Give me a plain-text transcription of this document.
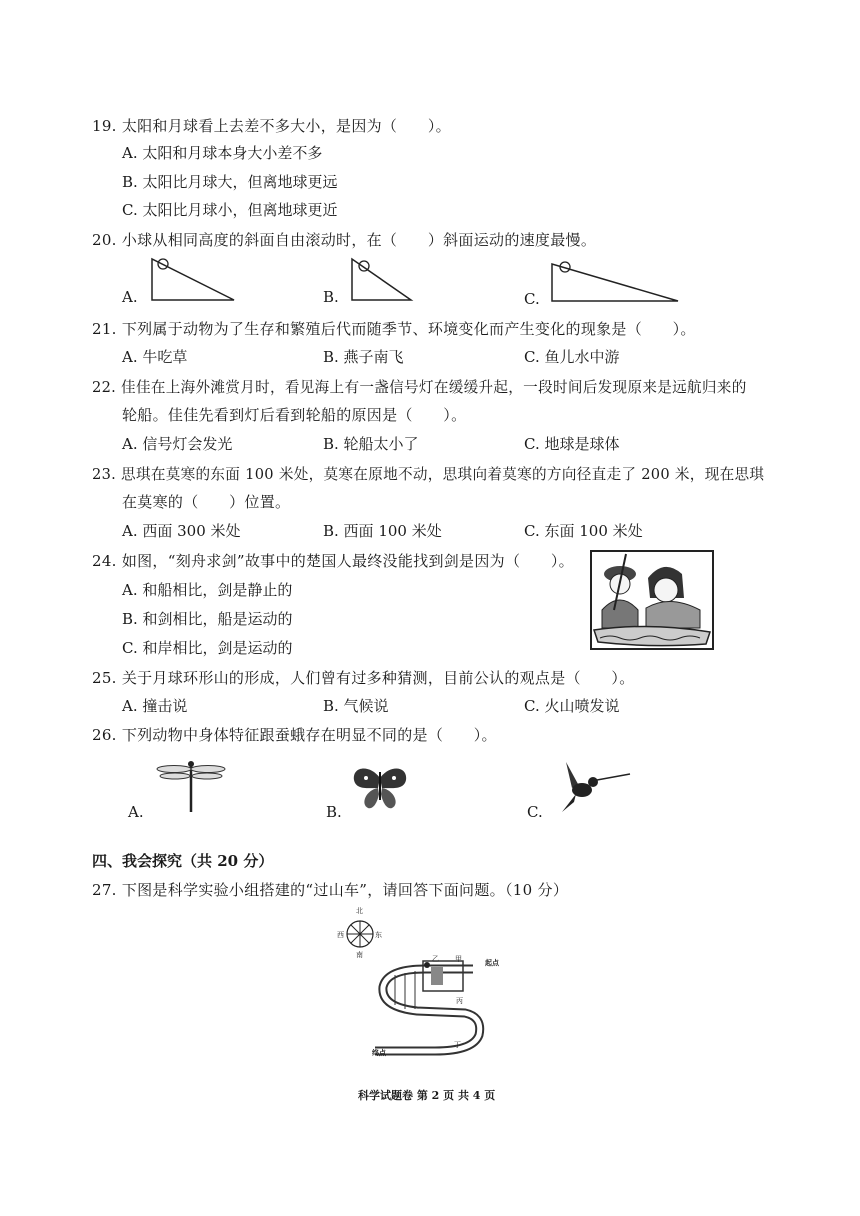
19. 太阳和月球看上去差不多大小，是因为（　　）。
A. 太阳和月球本身大小差不多
B. 太阳比月球大，但离地球更远
C. 太阳比月球小，但离地球更近
20. 小球从相同高度的斜面自由滚动时，在（　　）斜面运动的速度最慢。
A.	B.	C.
21. 下列属于动物为了生存和繁殖后代而随季节、环境变化而产生变化的现象是（　　）。
A. 牛吃草	B. 燕子南飞	C. 鱼儿水中游
22. 佳佳在上海外滩赏月时，看见海上有一盏信号灯在缓缓升起，一段时间后发现原来是远航归来的
轮船。佳佳先看到灯后看到轮船的原因是（　　）。
A. 信号灯会发光	B. 轮船太小了	C. 地球是球体
23. 思琪在莫寒的东面 100 米处，莫寒在原地不动，思琪向着莫寒的方向径直走了 200 米，现在思琪
在莫寒的（　　）位置。
A. 西面 300 米处	B. 西面 100 米处	C. 东面 100 米处
24. 如图，“刻舟求剑”故事中的楚国人最终没能找到剑是因为（　　）。
A. 和船相比，剑是静止的
B. 和剑相比，船是运动的
C. 和岸相比，剑是运动的
25. 关于月球环形山的形成，人们曾有过多种猜测，目前公认的观点是（　　）。
A. 撞击说	B. 气候说	C. 火山喷发说
26. 下列动物中身体特征跟蚕蛾存在明显不同的是（　　）。
A.	B.	C.
四、我会探究（共 20 分）
27. 下图是科学实验小组搭建的“过山车”，请回答下面问题。（10 分）
北
南
东
西
起点
甲
乙
丙
丁
终点
科学试题卷 第 2 页 共 4 页
